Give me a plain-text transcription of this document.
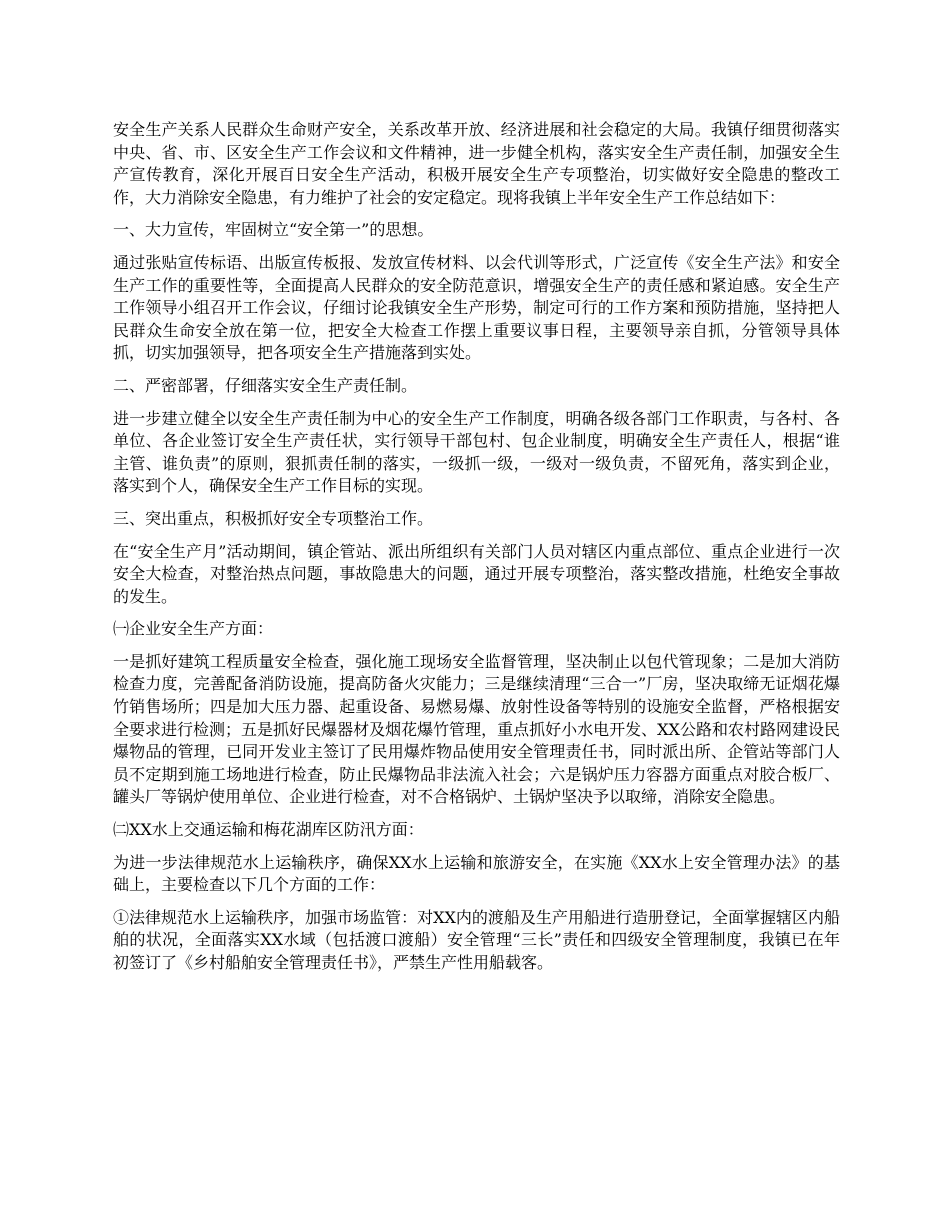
安全生产关系人民群众生命财产安全，关系改革开放、经济进展和社会稳定的大局。我镇仔细贯彻落实中央、省、市、区安全生产工作会议和文件精神，进一步健全机构，落实安全生产责任制，加强安全生产宣传教育，深化开展百日安全生产活动，积极开展安全生产专项整治，切实做好安全隐患的整改工作，大力消除安全隐患，有力维护了社会的安定稳定。现将我镇上半年安全生产工作总结如下：

一、大力宣传，牢固树立“安全第一”的思想。

通过张贴宣传标语、出版宣传板报、发放宣传材料、以会代训等形式，广泛宣传《安全生产法》和安全生产工作的重要性等，全面提高人民群众的安全防范意识，增强安全生产的责任感和紧迫感。安全生产工作领导小组召开工作会议，仔细讨论我镇安全生产形势，制定可行的工作方案和预防措施，坚持把人民群众生命安全放在第一位，把安全大检查工作摆上重要议事日程，主要领导亲自抓，分管领导具体抓，切实加强领导，把各项安全生产措施落到实处。

二、严密部署，仔细落实安全生产责任制。

进一步建立健全以安全生产责任制为中心的安全生产工作制度，明确各级各部门工作职责，与各村、各单位、各企业签订安全生产责任状，实行领导干部包村、包企业制度，明确安全生产责任人，根据“谁主管、谁负责”的原则，狠抓责任制的落实，一级抓一级，一级对一级负责，不留死角，落实到企业，落实到个人，确保安全生产工作目标的实现。

三、突出重点，积极抓好安全专项整治工作。

在“安全生产月”活动期间，镇企管站、派出所组织有关部门人员对辖区内重点部位、重点企业进行一次安全大检查，对整治热点问题，事故隐患大的问题，通过开展专项整治，落实整改措施，杜绝安全事故的发生。

㈠企业安全生产方面：

一是抓好建筑工程质量安全检查，强化施工现场安全监督管理，坚决制止以包代管现象；二是加大消防检查力度，完善配备消防设施，提高防备火灾能力；三是继续清理“三合一”厂房，坚决取缔无证烟花爆竹销售场所；四是加大压力器、起重设备、易燃易爆、放射性设备等特别的设施安全监督，严格根据安全要求进行检测；五是抓好民爆器材及烟花爆竹管理，重点抓好小水电开发、XX公路和农村路网建设民爆物品的管理，已同开发业主签订了民用爆炸物品使用安全管理责任书，同时派出所、企管站等部门人员不定期到施工场地进行检查，防止民爆物品非法流入社会；六是锅炉压力容器方面重点对胶合板厂、罐头厂等锅炉使用单位、企业进行检查，对不合格锅炉、土锅炉坚决予以取缔，消除安全隐患。

㈡XX水上交通运输和梅花湖库区防汛方面：

为进一步法律规范水上运输秩序，确保XX水上运输和旅游安全，在实施《XX水上安全管理办法》的基础上，主要检查以下几个方面的工作：

①法律规范水上运输秩序，加强市场监管：对XX内的渡船及生产用船进行造册登记，全面掌握辖区内船舶的状况，全面落实XX水域（包括渡口渡船）安全管理“三长”责任和四级安全管理制度，我镇已在年初签订了《乡村船舶安全管理责任书》，严禁生产性用船载客。
